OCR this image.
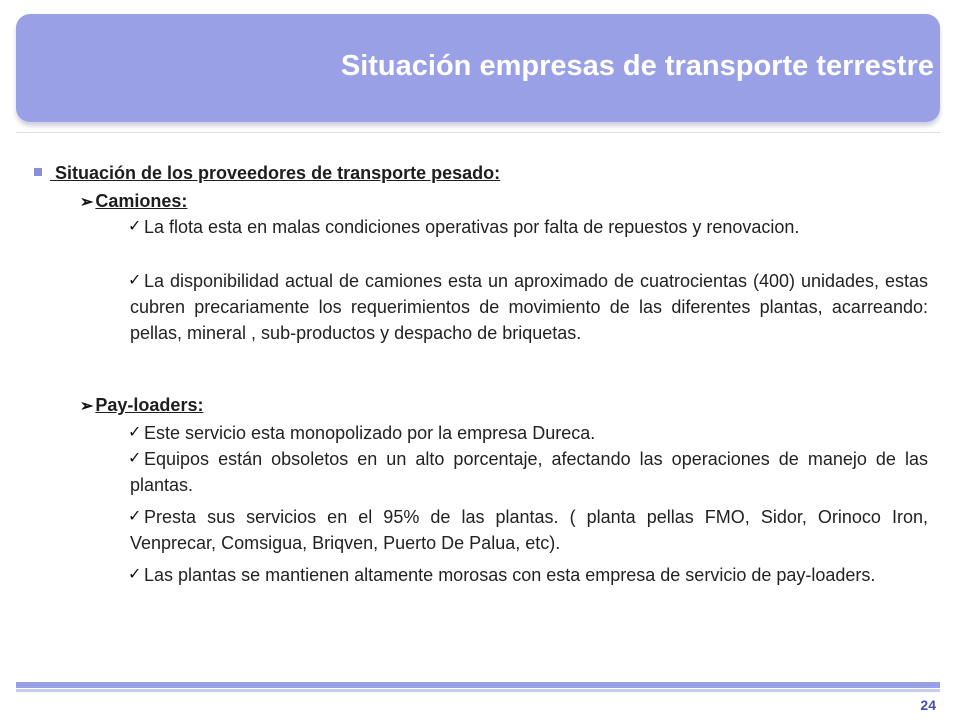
Situación empresas de transporte terrestre
Situación de los proveedores de transporte pesado:
➢ Camiones:
✓ La flota esta en malas condiciones operativas por falta de repuestos y renovacion.
✓ La disponibilidad actual de camiones esta un aproximado de cuatrocientas (400) unidades, estas cubren precariamente los requerimientos de movimiento de las diferentes plantas, acarreando: pellas, mineral , sub-productos y despacho de briquetas.
➢ Pay-loaders:
✓ Este servicio esta monopolizado por la empresa Dureca.
✓ Equipos están obsoletos en un alto porcentaje, afectando las operaciones de manejo de las plantas.
✓ Presta sus servicios en el 95% de las plantas. ( planta pellas FMO, Sidor, Orinoco Iron, Venprecar, Comsigua, Briqven, Puerto De Palua, etc).
✓ Las plantas se mantienen altamente morosas con esta empresa de servicio de pay-loaders.
24
